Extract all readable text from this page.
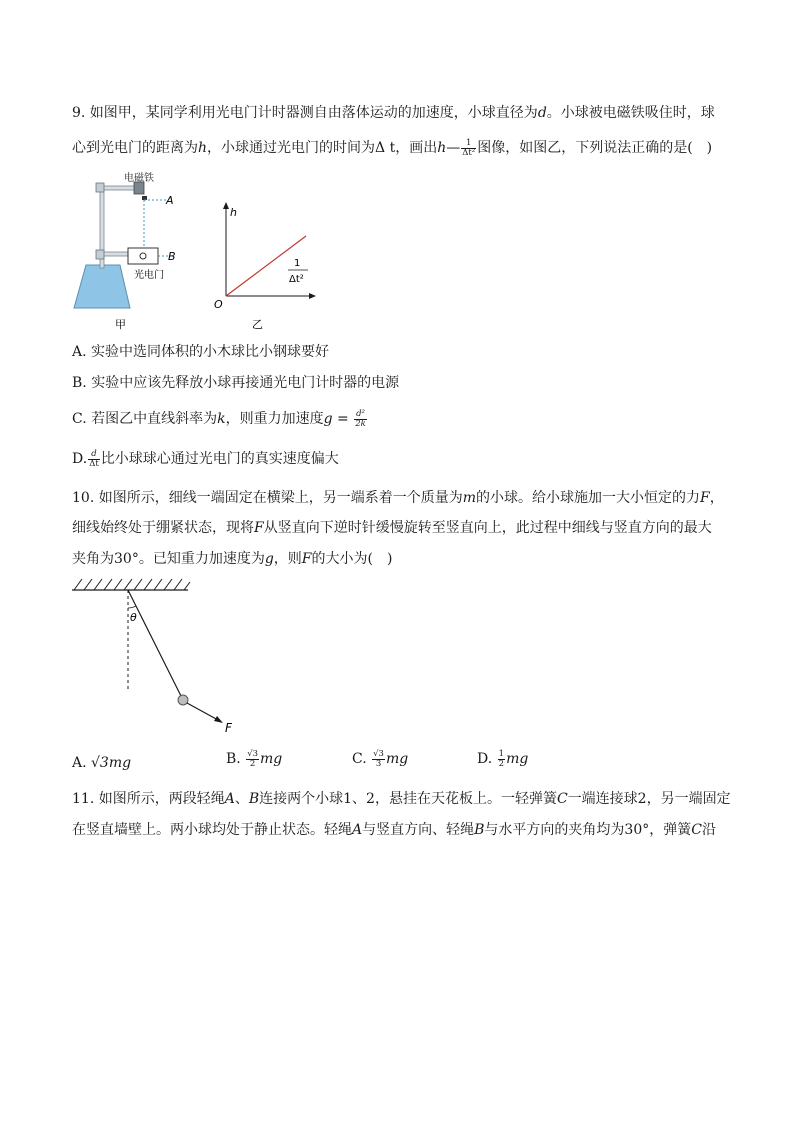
9. 如图甲，某同学利用光电门计时器测自由落体运动的加速度，小球直径为d。小球被电磁铁吸住时，球
心到光电门的距离为h，小球通过光电门的时间为Δ t，画出h— $\frac{1}{\text{Δt²}}$ 图像，如图乙，下列说法正确的是(　)
电磁铁
A
B
光电门
甲
h
O
1
Δt²
乙
A. 实验中选同体积的小木球比小钢球要好
B. 实验中应该先释放小球再接通光电门计时器的电源
C. 若图乙中直线斜率为k，则重力加速度$g = \frac{\text{d²}}{2k}$
D. $\frac{d}{\Delta t}$ 比小球球心通过光电门的真实速度偏大
10. 如图所示，细线一端固定在横梁上，另一端系着一个质量为m的小球。给小球施加一大小恒定的力F，
细线始终处于绷紧状态，现将F从竖直向下逆时针缓慢旋转至竖直向上，此过程中细线与竖直方向的最大
夹角为30°。已知重力加速度为g，则F的大小为(　)
θ
F
A. √3mg	B. $\frac{√3}{2}$ mg	C. $\frac{√3}{3}$ mg	D. $\frac{1}{2}$ mg
11. 如图所示，两段轻绳A、B连接两个小球1、2，悬挂在天花板上。一轻弹簧C一端连接球2，另一端固定
在竖直墙壁上。两小球均处于静止状态。轻绳A与竖直方向、轻绳B与水平方向的夹角均为30°，弹簧C沿
